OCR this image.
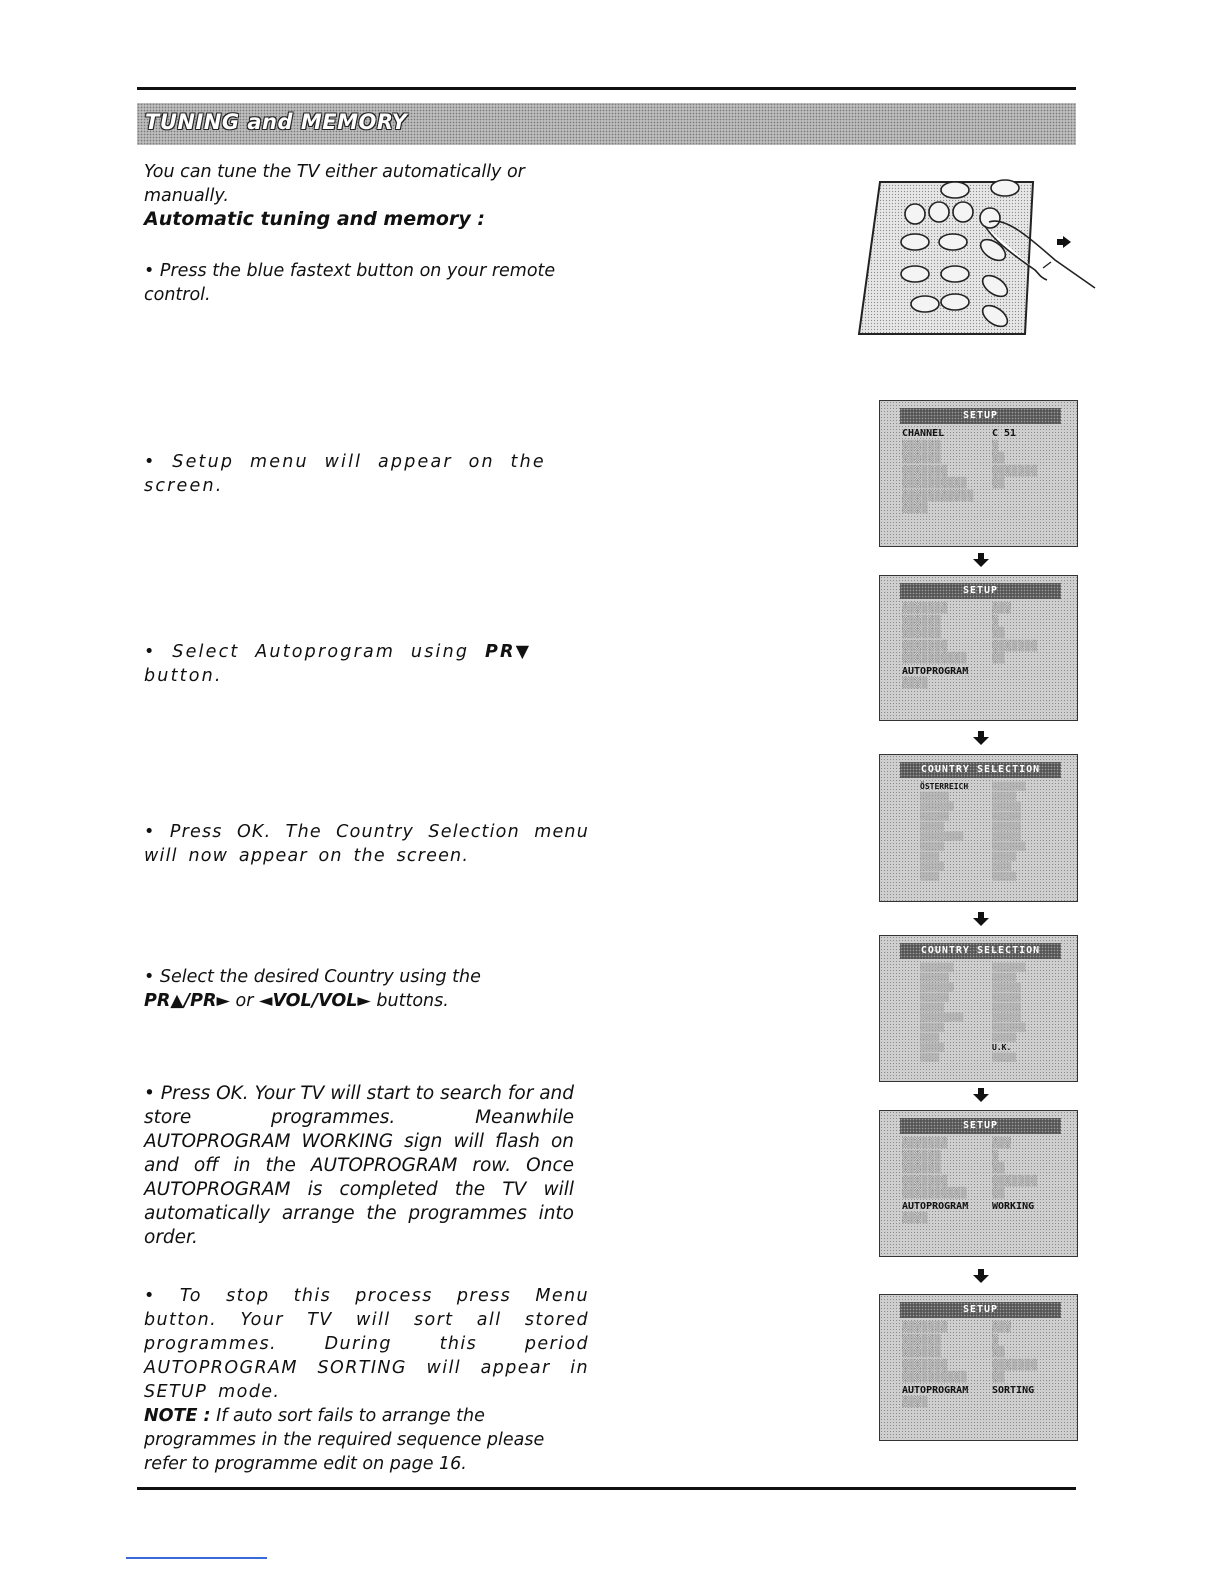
TUNING and MEMORY

You can tune the TV either automatically or manually.

Automatic tuning and memory :

• Press the blue fastext button on your remote control.

• Setup menu will appear on the screen.

• Select Autoprogram using PR▼ button.

• Press OK. The Country Selection menu will now appear on the screen.

• Select the desired Country using the
PR▲/PR► or ◄VOL/VOL► buttons.

• Press OK. Your TV will start to search for and store programmes. Meanwhile AUTOPROGRAM WORKING sign will flash on and off in the AUTOPROGRAM row. Once AUTOPROGRAM is completed the TV will automatically arrange the programmes into order.

• To stop this process press Menu button. Your TV will sort all stored programmes. During this period AUTOPROGRAM SORTING will appear in SETUP mode.
NOTE : If auto sort fails to arrange the programmes in the required sequence please refer to programme edit on page 16.
SETUP
CHANNEL	C 51
▒▒▒▒▒▒	▒
▒▒▒▒▒▒	▒▒
▒▒▒▒▒▒▒	▒▒▒▒▒▒▒
▒▒▒▒▒▒▒▒▒▒ ▒▒
▒▒▒▒▒▒▒▒▒▒▒
▒▒▒▒
SETUP
▒▒▒▒▒▒▒	▒▒▒
▒▒▒▒▒▒	▒
▒▒▒▒▒▒	▒▒
▒▒▒▒▒▒▒	▒▒▒▒▒▒▒
▒▒▒▒▒▒▒▒▒▒ ▒▒
AUTOPROGRAM
▒▒▒▒
COUNTRY SELECTION
ÖSTERREICH	▒▒▒▒▒▒▒
▒▒▒▒▒▒	▒▒▒▒▒
▒▒▒▒▒▒▒	▒▒▒▒▒▒
▒▒▒▒▒▒	▒▒▒▒▒▒
▒▒▒▒▒	▒▒▒▒▒▒
▒▒▒▒▒▒▒▒▒	▒▒▒▒▒▒
▒▒▒▒▒	▒▒▒▒▒▒▒
▒▒▒▒	▒▒▒▒▒
▒▒▒▒▒	▒▒▒▒
▒▒▒▒	▒▒▒▒▒
COUNTRY SELECTION
▒▒▒▒▒▒▒	▒▒▒▒▒▒▒
▒▒▒▒▒▒	▒▒▒▒▒
▒▒▒▒▒▒▒	▒▒▒▒▒▒
▒▒▒▒▒▒	▒▒▒▒▒▒
▒▒▒▒▒	▒▒▒▒▒▒
▒▒▒▒▒▒▒▒▒	▒▒▒▒▒▒
▒▒▒▒▒	▒▒▒▒▒▒▒
▒▒▒▒	▒▒▒▒▒
▒▒▒▒▒	U.K.
▒▒▒▒	▒▒▒▒▒
SETUP
▒▒▒▒▒▒▒	▒▒▒
▒▒▒▒▒▒	▒
▒▒▒▒▒▒	▒▒
▒▒▒▒▒▒▒	▒▒▒▒▒▒▒
▒▒▒▒▒▒▒▒▒▒ ▒▒
AUTOPROGRAM WORKING
▒▒▒▒
SETUP
▒▒▒▒▒▒▒	▒▒▒
▒▒▒▒▒▒	▒
▒▒▒▒▒▒	▒▒
▒▒▒▒▒▒▒	▒▒▒▒▒▒▒
▒▒▒▒▒▒▒▒▒▒ ▒▒
AUTOPROGRAM SORTING
▒▒▒▒
